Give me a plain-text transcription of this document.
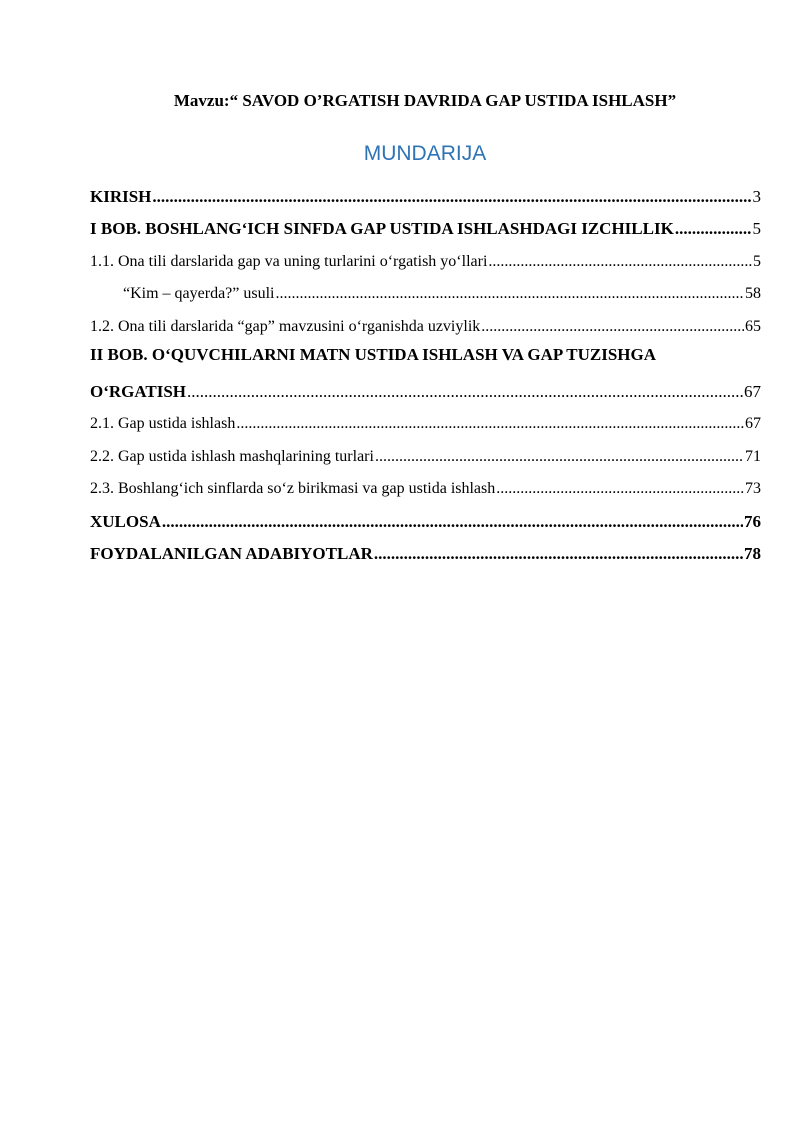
Mavzu:“ SAVOD O’RGATISH DAVRIDA GAP USTIDA ISHLASH”
MUNDARIJA
KIRISH .....	3
I BOB. BOSHLANG‘ICH SINFDA GAP USTIDA ISHLASHDAGI IZCHILLIK .....	5
1.1. Ona tili darslarida gap va uning turlarini o‘rgatish yo‘llari .....	5
“Kim – qayerda?” usuli .....	58
1.2. Ona tili darslarida “gap” mavzusini o‘rganishda uzviylik .....	65
II BOB. O‘QUVCHILARNI MATN USTIDA ISHLASH VA GAP TUZISHGA
O‘RGATISH .....	67
2.1. Gap ustida ishlash .....	67
2.2. Gap ustida ishlash mashqlarining turlari .....	71
2.3. Boshlang‘ich sinflarda so‘z birikmasi va gap ustida ishlash .....	73
XULOSA .....	76
FOYDALANILGAN ADABIYOTLAR .....	78
